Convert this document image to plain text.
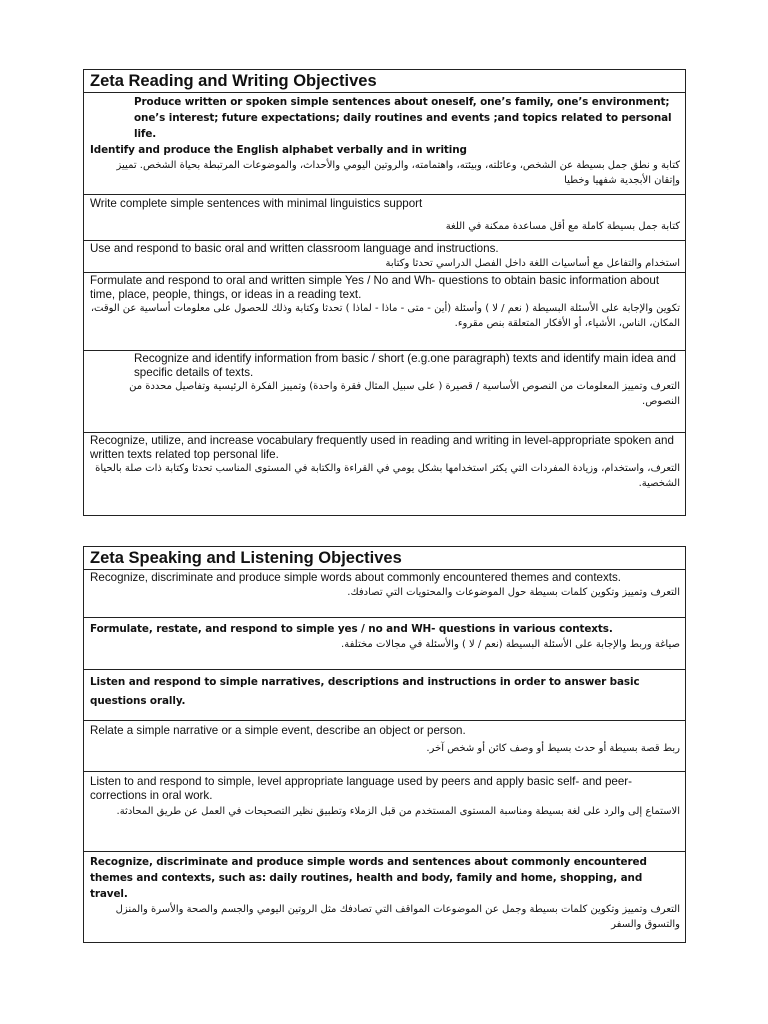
Zeta Reading and Writing Objectives
Produce written or spoken simple sentences about oneself, one’s family, one’s environment; one’s interest; future expectations; daily routines and events ;and topics related to personal life.
Identify and produce the English alphabet verbally and in writing
كتابة و نطق جمل بسيطة عن الشخص، وعائلته، وبيئته، واهتمامته، والروتين اليومي والأحداث، والموضوعات المرتبطة بحياة الشخص. تمييز وإتقان الأبجدية شفهيا وخطيا
Write complete simple sentences with minimal linguistics support
كتابة جمل بسيطة كاملة مع أقل مساعدة ممكنة في اللغة
Use and respond to basic oral and written classroom language and instructions.
استخدام والتفاعل مع أساسيات اللغة داخل الفصل الدراسي تحدثا وكتابة
Formulate and respond to oral and written simple Yes / No and Wh- questions to obtain basic information about time, place, people, things, or ideas in a reading text.
تكوين والإجابة على الأسئلة البسيطة ( نعم / لا ) وأسئلة (أين - متى - ماذا - لماذا ) تحدثا وكتابة وذلك للحصول على معلومات أساسية عن الوقت، المكان، الناس، الأشياء، أو الأفكار المتعلقة بنص مقروء.
Recognize and identify information from basic / short (e.g.one paragraph) texts and identify main idea and specific details of texts.
التعرف وتمييز المعلومات من النصوص الأساسية / قصيرة ( على سبيل المثال فقرة واحدة) وتمييز الفكرة الرئيسية وتفاصيل محددة من النصوص.
Recognize, utilize, and increase vocabulary frequently used in reading and writing in level-appropriate spoken and written texts related top personal life.
التعرف، واستخدام، وزيادة المفردات التي يكثر استخدامها بشكل يومي في القراءة والكتابة في المستوى المناسب تحدثا وكتابة ذات صلة بالحياة الشخصية.
Zeta Speaking and Listening Objectives
Recognize, discriminate and produce simple words about commonly encountered themes and contexts.
التعرف وتمييز وتكوين كلمات بسيطة حول الموضوعات والمحتويات التي تصادفك.
Formulate, restate, and respond to simple yes / no and WH- questions in various contexts.
صياغة وربط والإجابة على الأسئلة البسيطة (نعم / لا ) والأسئلة في مجالات مختلفة.
Listen and respond to simple narratives, descriptions and instructions in order to answer basic questions orally.
Relate a simple narrative or a simple event, describe an object or person.
ربط قصة بسيطة أو حدث بسيط أو وصف كائن أو شخص آخر.
Listen to and respond to simple, level appropriate language used by peers and apply basic self- and peer-corrections in oral work.
الاستماع إلى والرد على لغة بسيطة ومناسبة المستوى المستخدم من قبل الزملاء وتطبيق نظير التصحيحات في العمل عن طريق المحادثة.
Recognize, discriminate and produce simple words and sentences about commonly encountered themes and contexts, such as: daily routines, health and body, family and home, shopping, and travel.
التعرف وتمييز وتكوين كلمات بسيطة وجمل عن الموضوعات المواقف التي تصادفك مثل الروتين اليومي والجسم والصحة والأسرة والمنزل والتسوق والسفر
